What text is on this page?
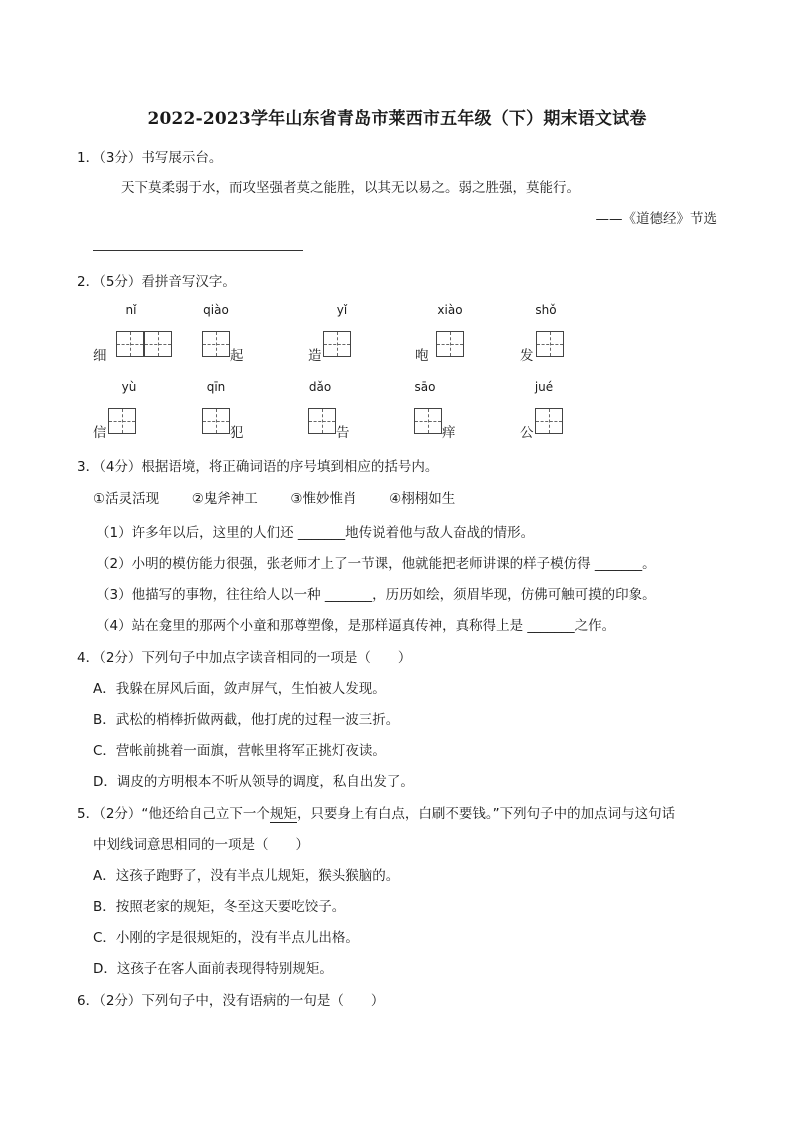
2022-2023学年山东省青岛市莱西市五年级（下）期末语文试卷
1．（3分）书写展示台。
天下莫柔弱于水，而攻坚强者莫之能胜，以其无以易之。弱之胜强，莫能行。
——《道德经》节选
2．（5分）看拼音写汉字。
nǐ	qiào	yǐ	xiào	shǒ
细	起	造	咆	发
yù	qīn	dǎo	sāo	jué
信	犯	告	痒	公
3．（4分）根据语境，将正确词语的序号填到相应的括号内。
①活灵活现 ②鬼斧神工 ③惟妙惟肖 ④栩栩如生
（1）许多年以后，这里的人们还 _______地传说着他与敌人奋战的情形。
（2）小明的模仿能力很强，张老师才上了一节课，他就能把老师讲课的样子模仿得 _______。
（3）他描写的事物，往往给人以一种 _______，历历如绘，须眉毕现，仿佛可触可摸的印象。
（4）站在龛里的那两个小童和那尊塑像，是那样逼真传神，真称得上是 _______之作。
4．（2分）下列句子中加点字读音相同的一项是（　　）
A．我躲在屏风后面，敛声屏气，生怕被人发现。
B．武松的梢棒折做两截，他打虎的过程一波三折。
C．营帐前挑着一面旗，营帐里将军正挑灯夜读。
D．调皮的方明根本不听从领导的调度，私自出发了。
5．（2分）“他还给自己立下一个规矩，只要身上有白点，白刷不要钱。”下列句子中的加点词与这句话
中划线词意思相同的一项是（　　）
A．这孩子跑野了，没有半点儿规矩，猴头猴脑的。
B．按照老家的规矩，冬至这天要吃饺子。
C．小刚的字是很规矩的，没有半点儿出格。
D．这孩子在客人面前表现得特别规矩。
6．（2分）下列句子中，没有语病的一句是（　　）
